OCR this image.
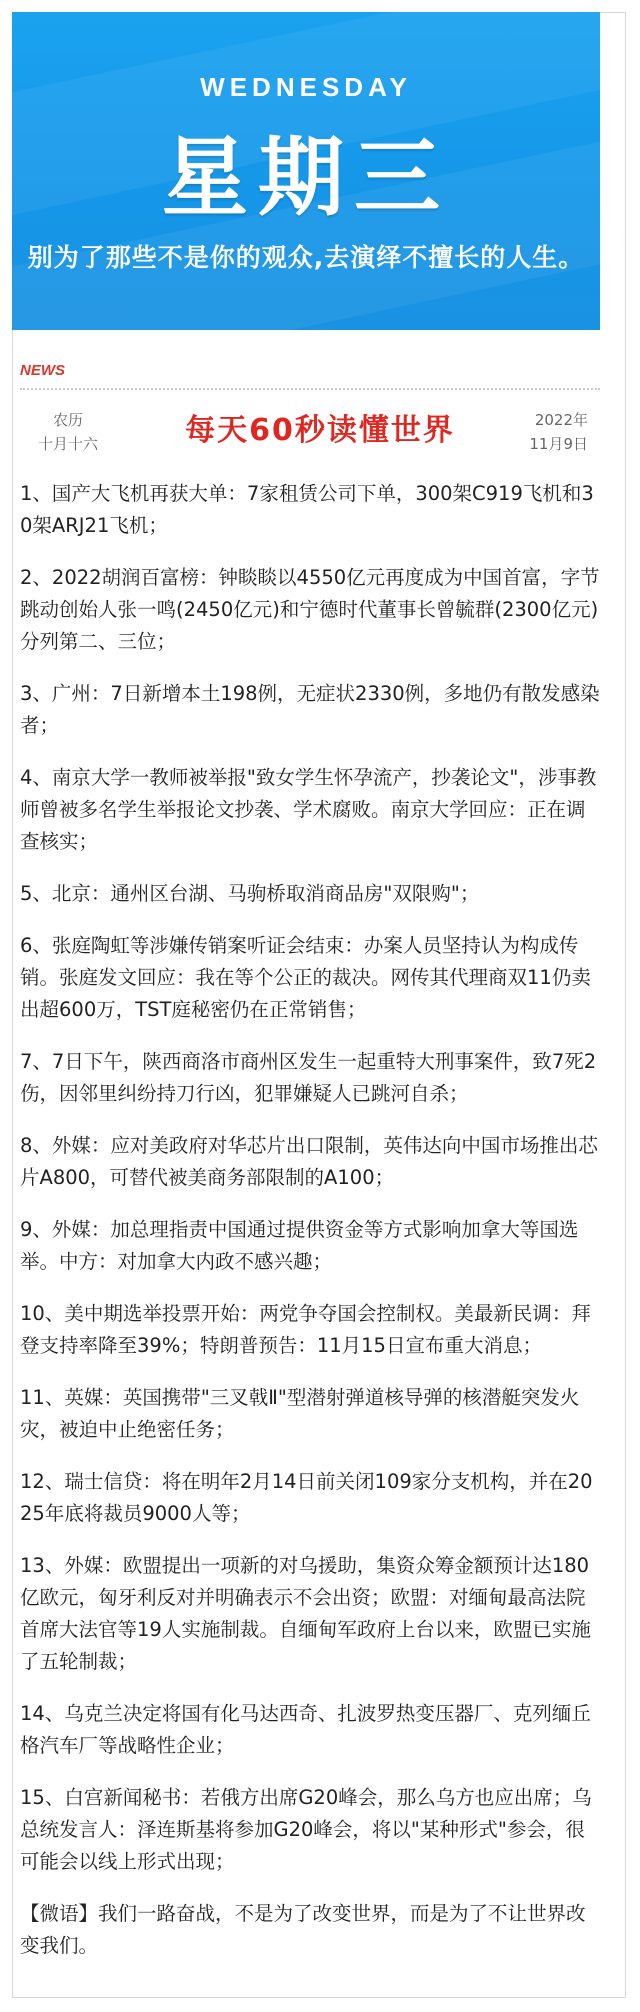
WEDNESDAY
星期三
别为了那些不是你的观众,去演绎不擅长的人生。
NEWS
农历
十月十六	每天60秒读懂世界	2022年
11月9日
1、国产大飞机再获大单：7家租赁公司下单，300架C919飞机和30架ARJ21飞机；
2、2022胡润百富榜：钟睒睒以4550亿元再度成为中国首富，字节跳动创始人张一鸣(2450亿元)和宁德时代董事长曾毓群(2300亿元)分列第二、三位；
3、广州：7日新增本土198例，无症状2330例，多地仍有散发感染者；
4、南京大学一教师被举报"致女学生怀孕流产，抄袭论文"，涉事教师曾被多名学生举报论文抄袭、学术腐败。南京大学回应：正在调查核实；
5、北京：通州区台湖、马驹桥取消商品房"双限购"；
6、张庭陶虹等涉嫌传销案听证会结束：办案人员坚持认为构成传销。张庭发文回应：我在等个公正的裁决。网传其代理商双11仍卖出超600万，TST庭秘密仍在正常销售；
7、7日下午，陕西商洛市商州区发生一起重特大刑事案件，致7死2伤，因邻里纠纷持刀行凶，犯罪嫌疑人已跳河自杀；
8、外媒：应对美政府对华芯片出口限制，英伟达向中国市场推出芯片A800，可替代被美商务部限制的A100；
9、外媒：加总理指责中国通过提供资金等方式影响加拿大等国选举。中方：对加拿大内政不感兴趣；
10、美中期选举投票开始：两党争夺国会控制权。美最新民调：拜登支持率降至39%；特朗普预告：11月15日宣布重大消息；
11、英媒：英国携带"三叉戟Ⅱ"型潜射弹道核导弹的核潜艇突发火灾，被迫中止绝密任务；
12、瑞士信贷：将在明年2月14日前关闭109家分支机构，并在2025年底将裁员9000人等；
13、外媒：欧盟提出一项新的对乌援助，集资众筹金额预计达180亿欧元，匈牙利反对并明确表示不会出资；欧盟：对缅甸最高法院首席大法官等19人实施制裁。自缅甸军政府上台以来，欧盟已实施了五轮制裁；
14、乌克兰决定将国有化马达西奇、扎波罗热变压器厂、克列缅丘格汽车厂等战略性企业；
15、白宫新闻秘书：若俄方出席G20峰会，那么乌方也应出席；乌总统发言人：泽连斯基将参加G20峰会，将以"某种形式"参会，很可能会以线上形式出现；
【微语】我们一路奋战，不是为了改变世界，而是为了不让世界改变我们。
